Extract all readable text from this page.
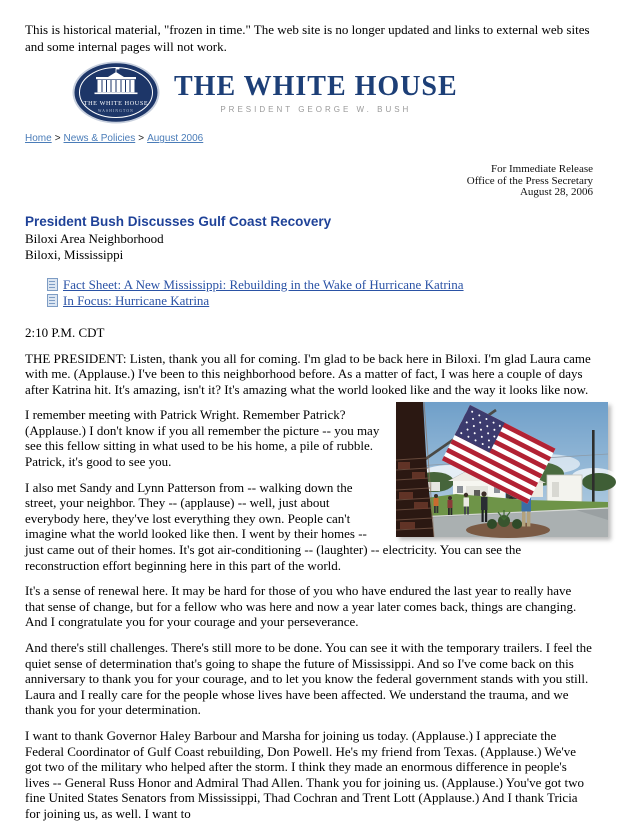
This is historical material, "frozen in time." The web site is no longer updated and links to external web sites and some internal pages will not work.

THE WHITE HOUSE
WASHINGTON
THE WHITE HOUSE
PRESIDENT GEORGE W. BUSH
Home > News & Policies > August 2006
For Immediate Release
Office of the Press Secretary
August 28, 2006
President Bush Discusses Gulf Coast Recovery
Biloxi Area Neighborhood
Biloxi, Mississippi
Fact Sheet: A New Mississippi: Rebuilding in the Wake of Hurricane Katrina
In Focus: Hurricane Katrina
2:10 P.M. CDT

THE PRESIDENT: Listen, thank you all for coming. I'm glad to be back here in Biloxi. I'm glad Laura came with me. (Applause.) I've been to this neighborhood before. As a matter of fact, I was here a couple of days after Katrina hit. It's amazing, isn't it? It's amazing what the world looked like and the way it looks like now.

I remember meeting with Patrick Wright. Remember Patrick? (Applause.) I don't know if you all remember the picture -- you may see this fellow sitting in what used to be his home, a pile of rubble. Patrick, it's good to see you.

I also met Sandy and Lynn Patterson from -- walking down the street, your neighbor. They -- (applause) -- well, just about everybody here, they've lost everything they own. People can't imagine what the world looked like then. I went by their homes -- just came out of their homes. It's got air-conditioning -- (laughter) -- electricity. You can see the reconstruction effort beginning here in this part of the world.

It's a sense of renewal here. It may be hard for those of you who have endured the last year to really have that sense of change, but for a fellow who was here and now a year later comes back, things are changing. And I congratulate you for your courage and your perseverance.

And there's still challenges. There's still more to be done. You can see it with the temporary trailers. I feel the quiet sense of determination that's going to shape the future of Mississippi. And so I've come back on this anniversary to thank you for your courage, and to let you know the federal government stands with you still. Laura and I really care for the people whose lives have been affected. We understand the trauma, and we thank you for your determination.

I want to thank Governor Haley Barbour and Marsha for joining us today. (Applause.) I appreciate the Federal Coordinator of Gulf Coast rebuilding, Don Powell. He's my friend from Texas. (Applause.) We've got two of the military who helped after the storm. I think they made an enormous difference in people's lives -- General Russ Honor and Admiral Thad Allen. Thank you for joining us. (Applause.) You've got two fine United States Senators from Mississippi, Thad Cochran and Trent Lott (Applause.) And I thank Tricia for joining us, as well. I want to
